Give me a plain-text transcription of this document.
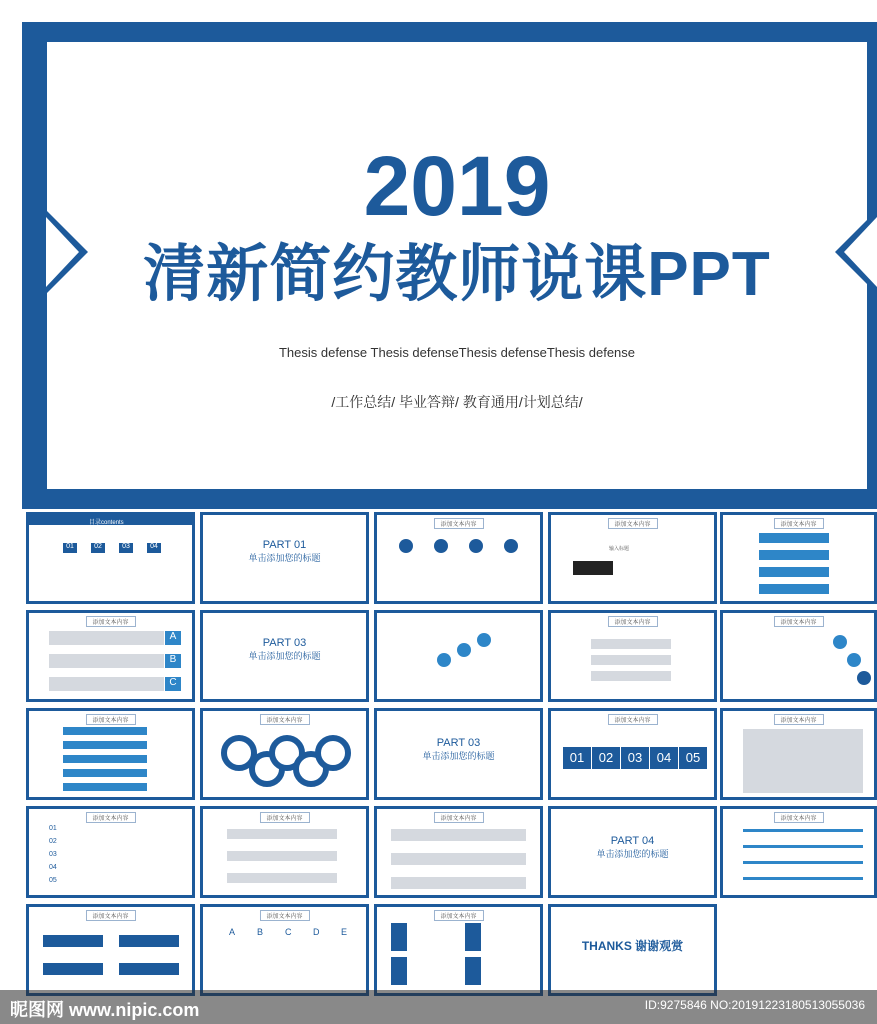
2019
清新简约教师说课PPT
Thesis defense Thesis defenseThesis defenseThesis defense
/工作总结/ 毕业答辩/ 教育通用/计划总结/
目录contents
01	02	03	04	PART 01
单击添加您的标题
添加文本内容	添加文本内容
输入标题
添加文本内容
添加文本内容
A
B
C
PART 03
单击添加您的标题
添加文本内容	添加文本内容
添加文本内容	添加文本内容
PART 03
单击添加您的标题
添加文本内容
01	02	03	04	05
添加文本内容
添加文本内容
01
02
03
04
05
添加文本内容	添加文本内容
PART 04
单击添加您的标题
添加文本内容
添加文本内容	添加文本内容
A B C D E
添加文本内容
THANKS 谢谢观赏
昵图网 www.nipic.com	ID:9275846 NO:20191223180513055036
